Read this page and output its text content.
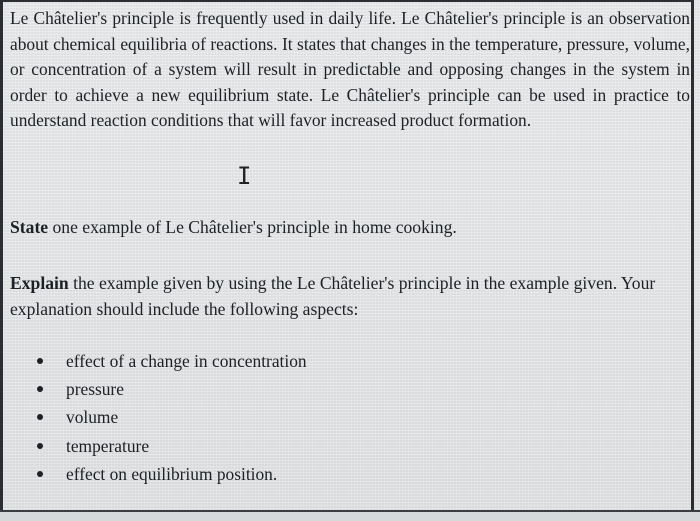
Le Châtelier's principle is frequently used in daily life. Le Châtelier's principle is an observation about chemical equilibria of reactions. It states that changes in the temperature, pressure, volume, or concentration of a system will result in predictable and opposing changes in the system in order to achieve a new equilibrium state. Le Châtelier's principle can be used in practice to understand reaction conditions that will favor increased product formation.

I

State one example of Le Châtelier's principle in home cooking.

Explain the example given by using the Le Châtelier's principle in the example given. Your explanation should include the following aspects:

effect of a change in concentration
pressure
volume
temperature
effect on equilibrium position.
